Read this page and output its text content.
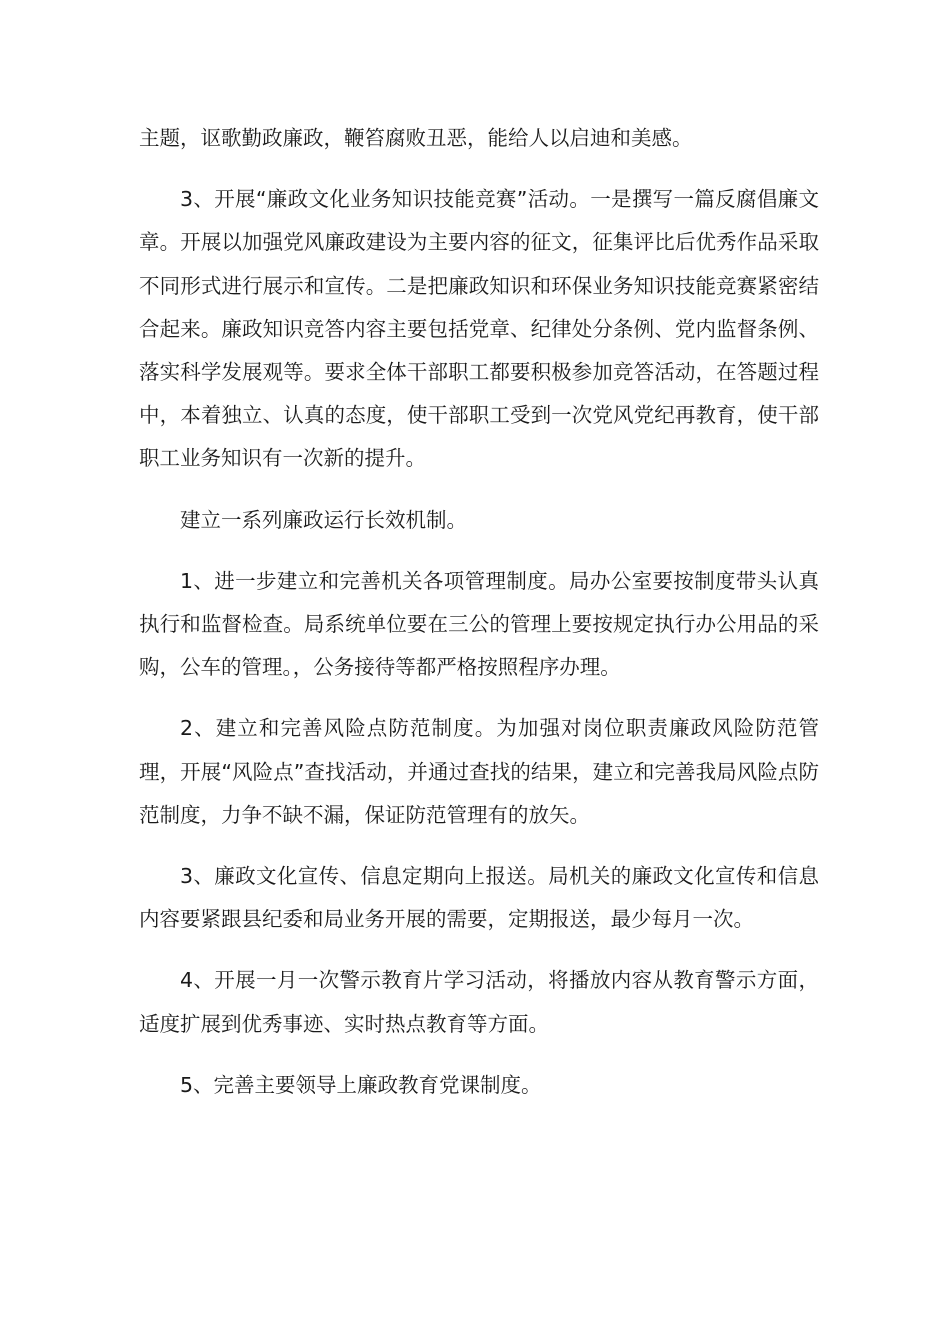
主题，讴歌勤政廉政，鞭笞腐败丑恶，能给人以启迪和美感。

3、开展“廉政文化业务知识技能竞赛”活动。一是撰写一篇反腐倡廉文章。开展以加强党风廉政建设为主要内容的征文，征集评比后优秀作品采取不同形式进行展示和宣传。二是把廉政知识和环保业务知识技能竞赛紧密结合起来。廉政知识竞答内容主要包括党章、纪律处分条例、党内监督条例、落实科学发展观等。要求全体干部职工都要积极参加竞答活动，在答题过程中，本着独立、认真的态度，使干部职工受到一次党风党纪再教育，使干部职工业务知识有一次新的提升。

建立一系列廉政运行长效机制。

1、进一步建立和完善机关各项管理制度。局办公室要按制度带头认真执行和监督检查。局系统单位要在三公的管理上要按规定执行办公用品的采购，公车的管理。，公务接待等都严格按照程序办理。

2、建立和完善风险点防范制度。为加强对岗位职责廉政风险防范管理，开展“风险点”查找活动，并通过查找的结果，建立和完善我局风险点防范制度，力争不缺不漏，保证防范管理有的放矢。

3、廉政文化宣传、信息定期向上报送。局机关的廉政文化宣传和信息内容要紧跟县纪委和局业务开展的需要，定期报送，最少每月一次。

4、开展一月一次警示教育片学习活动，将播放内容从教育警示方面，适度扩展到优秀事迹、实时热点教育等方面。

5、完善主要领导上廉政教育党课制度。
